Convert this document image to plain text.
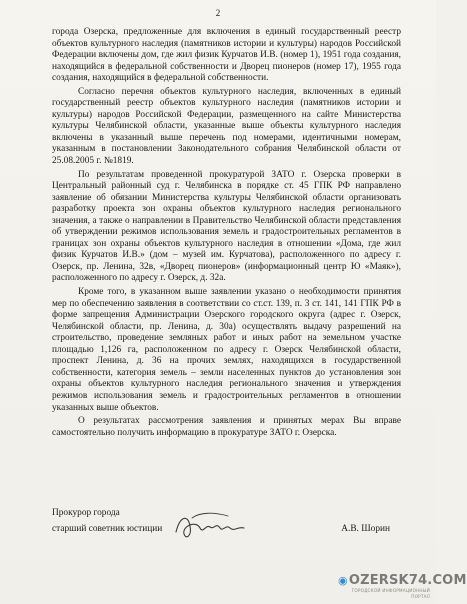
2

города Озерска, предложенные для включения в единый государственный реестр объектов культурного наследия (памятников истории и культуры) народов Российской Федерации включены дом, где жил физик Курчатов И.В. (номер 1), 1951 года создания, находящийся в федеральной собственности и Дворец пионеров (номер 17), 1955 года создания, находящийся в федеральной собственности.

Согласно перечня объектов культурного наследия, включенных в единый государственный реестр объектов культурного наследия (памятников истории и культуры) народов Российской Федерации, размещенного на сайте Министерства культуры Челябинской области, указанные выше объекты культурного наследия включены в указанный выше перечень под номерами, идентичными номерам, указанным в постановлении Законодательного собрания Челябинской области от 25.08.2005 г. №1819.

По результатам проведенной прокуратурой ЗАТО г. Озерска проверки в Центральный районный суд г. Челябинска в порядке ст. 45 ГПК РФ направлено заявление об обязании Министерства культуры Челябинской области организовать разработку проекта зон охраны объектов культурного наследия регионального значения, а также о направлении в Правительство Челябинской области представления об утверждении режимов использования земель и градостроительных регламентов в границах зон охраны объектов культурного наследия в отношении «Дома, где жил физик Курчатов И.В.» (дом – музей им. Курчатова), расположенного по адресу г. Озерск, пр. Ленина, 32в, «Дворец пионеров» (информационный центр Ю «Маяк»), расположенного по адресу г. Озерск, д. 32а.

Кроме того, в указанном выше заявлении указано о необходимости принятия мер по обеспечению заявления в соответствии со ст.ст. 139, п. 3 ст. 141, 141 ГПК РФ в форме запрещения Администрации Озерского городского округа (адрес г. Озерск, Челябинской области, пр. Ленина, д. 30а) осуществлять выдачу разрешений на строительство, проведение земляных работ и иных работ на земельном участке площадью 1,126 га, расположенном по адресу г. Озерск Челябинской области, проспект Ленина, д. 36 на прочих землях, находящихся в государственной собственности, категория земель – земли населенных пунктов до установления зон охраны объектов культурного наследия регионального значения и утверждения режимов использования земель и градостроительных регламентов в отношении указанных выше объектов.

О результатах рассмотрения заявления и принятых мерах Вы вправе самостоятельно получить информацию в прокуратуре ЗАТО г. Озерска.

Прокурор города
старший советник юстиции	А.В. Шорин
◉OZERSK74.COM
ГОРОДСКОЙ ИНФОРМАЦИОННЫЙ ПОРТАЛ
